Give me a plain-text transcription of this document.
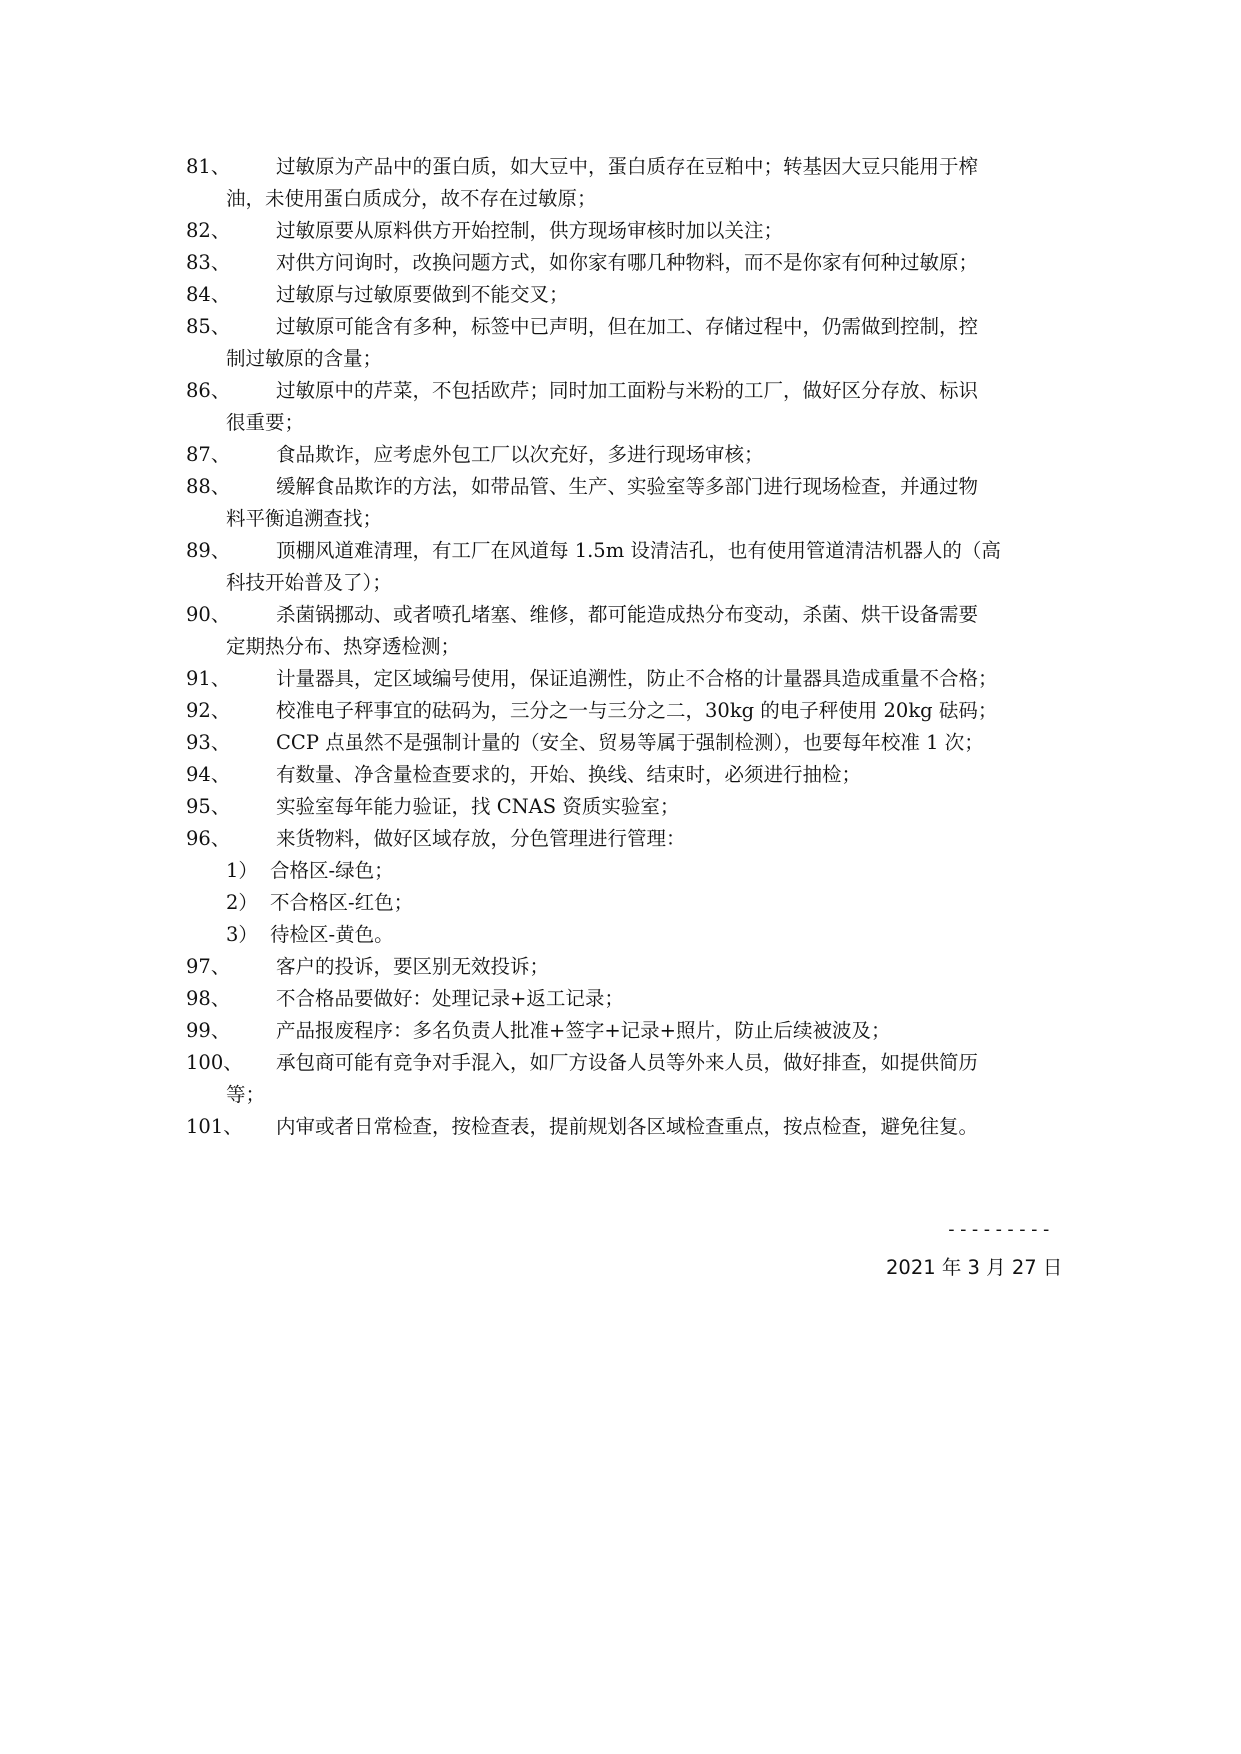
81、	过敏原为产品中的蛋白质，如大豆中，蛋白质存在豆粕中；转基因大豆只能用于榨
油，未使用蛋白质成分，故不存在过敏原；
82、	过敏原要从原料供方开始控制，供方现场审核时加以关注；
83、	对供方问询时，改换问题方式，如你家有哪几种物料，而不是你家有何种过敏原；
84、	过敏原与过敏原要做到不能交叉；
85、	过敏原可能含有多种，标签中已声明，但在加工、存储过程中，仍需做到控制，控
制过敏原的含量；
86、	过敏原中的芹菜，不包括欧芹；同时加工面粉与米粉的工厂，做好区分存放、标识
很重要；
87、	食品欺诈，应考虑外包工厂以次充好，多进行现场审核；
88、	缓解食品欺诈的方法，如带品管、生产、实验室等多部门进行现场检查，并通过物
料平衡追溯查找；
89、	顶棚风道难清理，有工厂在风道每 1.5m 设清洁孔，也有使用管道清洁机器人的（高
科技开始普及了）；
90、	杀菌锅挪动、或者喷孔堵塞、维修，都可能造成热分布变动，杀菌、烘干设备需要
定期热分布、热穿透检测；
91、	计量器具，定区域编号使用，保证追溯性，防止不合格的计量器具造成重量不合格；
92、	校准电子秤事宜的砝码为，三分之一与三分之二，30kg 的电子秤使用 20kg 砝码；
93、	CCP 点虽然不是强制计量的（安全、贸易等属于强制检测），也要每年校准 1 次；
94、	有数量、净含量检查要求的，开始、换线、结束时，必须进行抽检；
95、	实验室每年能力验证，找 CNAS 资质实验室；
96、	来货物料，做好区域存放，分色管理进行管理：
1） 合格区-绿色；
2） 不合格区-红色；
3） 待检区-黄色。
97、	客户的投诉，要区别无效投诉；
98、	不合格品要做好：处理记录+返工记录；
99、	产品报废程序：多名负责人批准+签字+记录+照片，防止后续被波及；
100、	承包商可能有竞争对手混入，如厂方设备人员等外来人员，做好排查，如提供简历
等；
101、	内审或者日常检查，按检查表，提前规划各区域检查重点，按点检查，避免往复。
---------
2021 年 3 月 27 日
